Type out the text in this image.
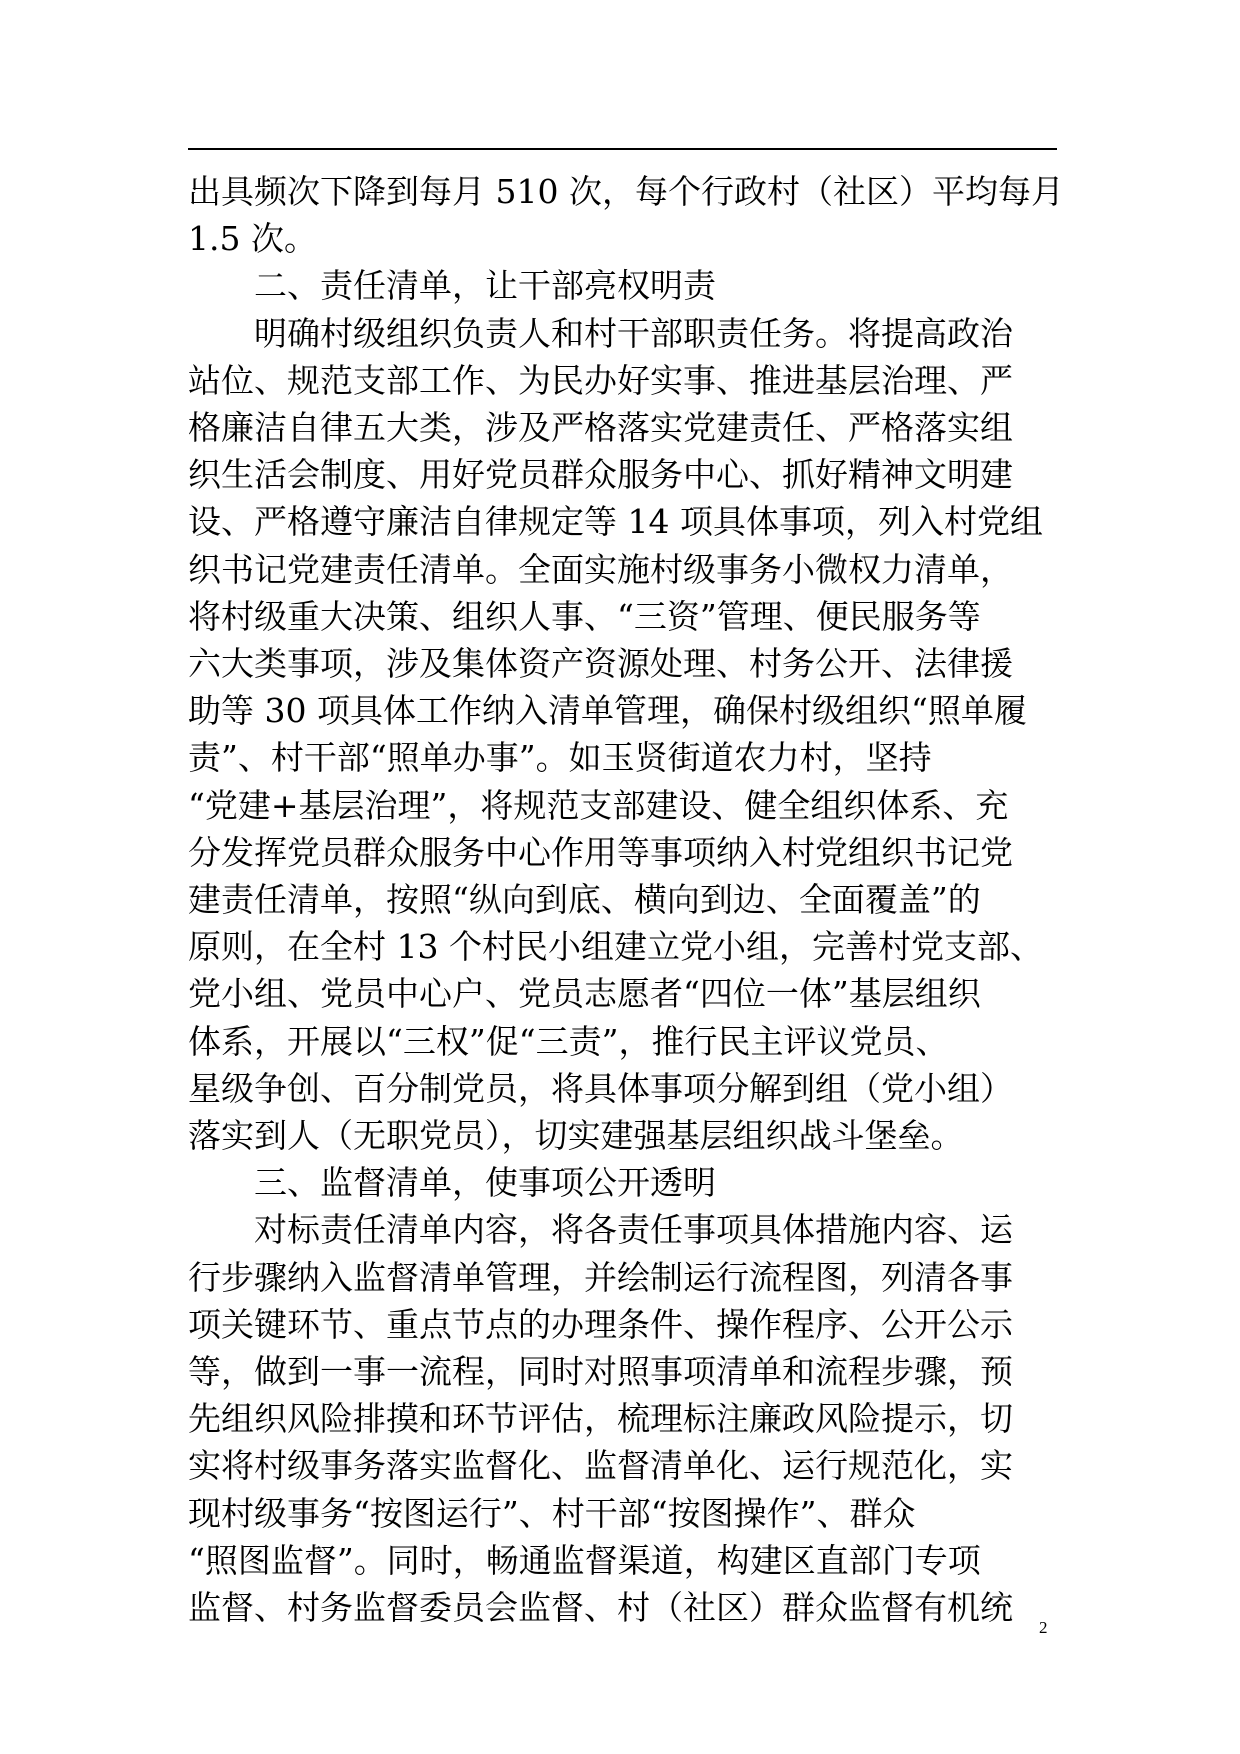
出具频次下降到每月 510 次，每个行政村（社区）平均每月

1.5 次。

二、责任清单，让干部亮权明责

明确村级组织负责人和村干部职责任务。将提高政治

站位、规范支部工作、为民办好实事、推进基层治理、严

格廉洁自律五大类，涉及严格落实党建责任、严格落实组

织生活会制度、用好党员群众服务中心、抓好精神文明建

设、严格遵守廉洁自律规定等 14 项具体事项，列入村党组

织书记党建责任清单。全面实施村级事务小微权力清单，

将村级重大决策、组织人事、“三资”管理、便民服务等

六大类事项，涉及集体资产资源处理、村务公开、法律援

助等 30 项具体工作纳入清单管理，确保村级组织“照单履

责”、村干部“照单办事”。如玉贤街道农力村，坚持

“党建+基层治理”，将规范支部建设、健全组织体系、充

分发挥党员群众服务中心作用等事项纳入村党组织书记党

建责任清单，按照“纵向到底、横向到边、全面覆盖”的

原则，在全村 13 个村民小组建立党小组，完善村党支部、

党小组、党员中心户、党员志愿者“四位一体”基层组织

体系，开展以“三权”促“三责”，推行民主评议党员、

星级争创、百分制党员，将具体事项分解到组（党小组）

落实到人（无职党员），切实建强基层组织战斗堡垒。

三、监督清单，使事项公开透明

对标责任清单内容，将各责任事项具体措施内容、运

行步骤纳入监督清单管理，并绘制运行流程图，列清各事

项关键环节、重点节点的办理条件、操作程序、公开公示

等，做到一事一流程，同时对照事项清单和流程步骤，预

先组织风险排摸和环节评估，梳理标注廉政风险提示，切

实将村级事务落实监督化、监督清单化、运行规范化，实

现村级事务“按图运行”、村干部“按图操作”、群众

“照图监督”。同时，畅通监督渠道，构建区直部门专项

监督、村务监督委员会监督、村（社区）群众监督有机统

2
